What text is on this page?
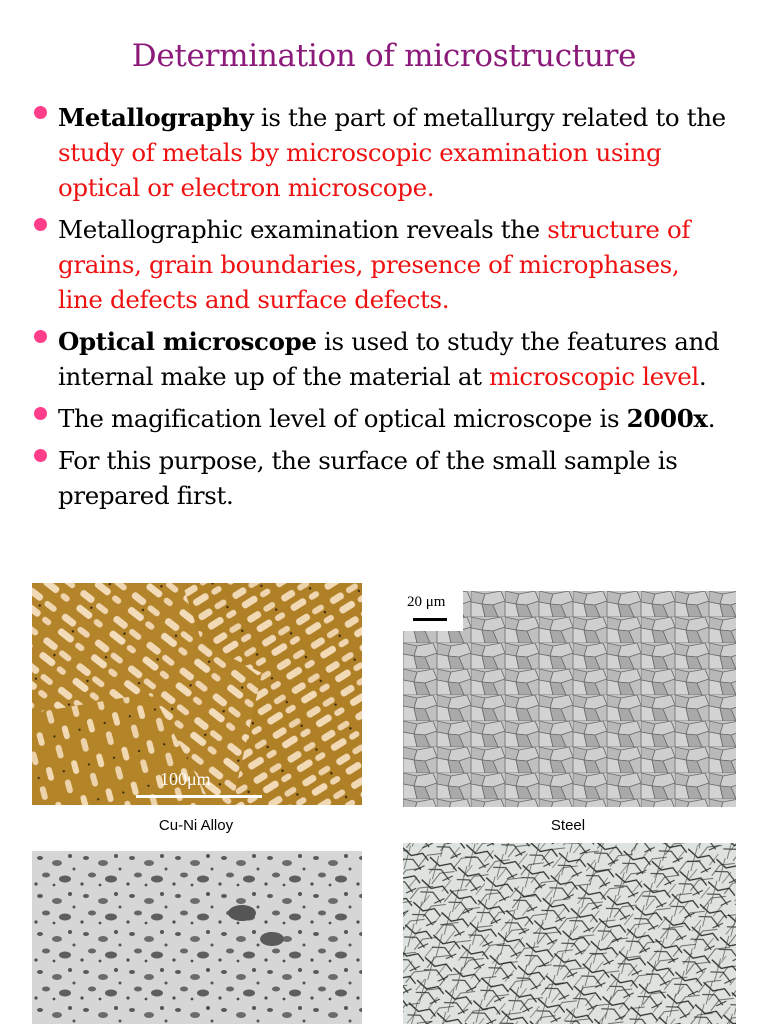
Determination of microstructure
Metallography is the part of metallurgy related to the study of metals by microscopic examination using optical or electron microscope.
Metallographic examination reveals the structure of grains, grain boundaries, presence of microphases, line defects and surface defects.
Optical microscope is used to study the features and internal make up of the material at microscopic level.
The magification level of optical microscope is 2000x.
For this purpose, the surface of the small sample is prepared first.
100μm
Cu-Ni Alloy
20 μm
Steel
